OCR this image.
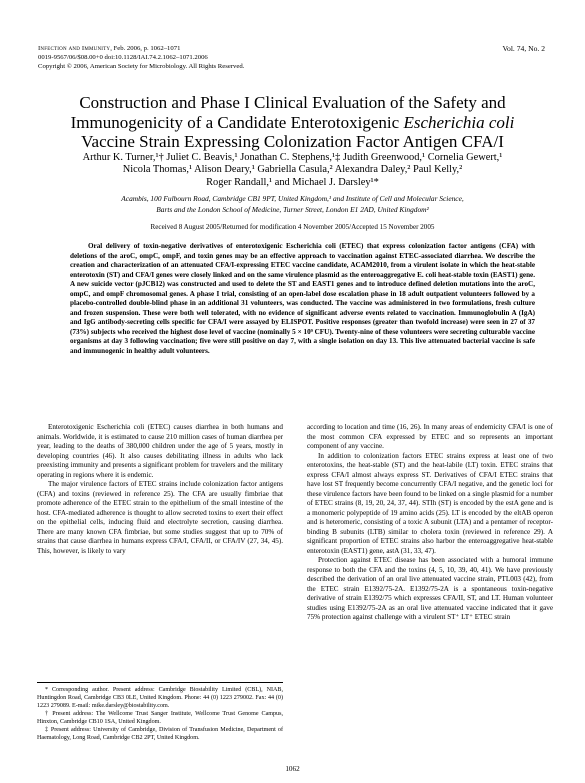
Infection and Immunity, Feb. 2006, p. 1062–1071
0019-9567/06/$08.00+0 doi:10.1128/IAI.74.2.1062–1071.2006
Copyright © 2006, American Society for Microbiology. All Rights Reserved.
Vol. 74, No. 2
Construction and Phase I Clinical Evaluation of the Safety and
Immunogenicity of a Candidate Enterotoxigenic Escherichia coli
Vaccine Strain Expressing Colonization Factor Antigen CFA/I
Arthur K. Turner,¹† Juliet C. Beavis,¹ Jonathan C. Stephens,¹‡ Judith Greenwood,¹ Cornelia Gewert,¹
Nicola Thomas,¹ Alison Deary,¹ Gabriella Casula,² Alexandra Daley,² Paul Kelly,²
Roger Randall,¹ and Michael J. Darsley¹*
Acambis, 100 Fulbourn Road, Cambridge CB1 9PT, United Kingdom,¹ and Institute of Cell and Molecular Science,
Barts and the London School of Medicine, Turner Street, London E1 2AD, United Kingdom²
Received 8 August 2005/Returned for modification 4 November 2005/Accepted 15 November 2005

Oral delivery of toxin-negative derivatives of enterotoxigenic Escherichia coli (ETEC) that express colonization factor antigens (CFA) with deletions of the aroC, ompC, ompF, and toxin genes may be an effective approach to vaccination against ETEC-associated diarrhea. We describe the creation and characterization of an attenuated CFA/I-expressing ETEC vaccine candidate, ACAM2010, from a virulent isolate in which the heat-stable enterotoxin (ST) and CFA/I genes were closely linked and on the same virulence plasmid as the enteroaggregative E. coli heat-stable toxin (EAST1) gene. A new suicide vector (pJCB12) was constructed and used to delete the ST and EAST1 genes and to introduce defined deletion mutations into the aroC, ompC, and ompF chromosomal genes. A phase I trial, consisting of an open-label dose escalation phase in 18 adult outpatient volunteers followed by a placebo-controlled double-blind phase in an additional 31 volunteers, was conducted. The vaccine was administered in two formulations, fresh culture and frozen suspension. These were both well tolerated, with no evidence of significant adverse events related to vaccination. Immunoglobulin A (IgA) and IgG antibody-secreting cells specific for CFA/I were assayed by ELISPOT. Positive responses (greater than twofold increase) were seen in 27 of 37 (73%) subjects who received the highest dose level of vaccine (nominally 5 × 10⁹ CFU). Twenty-nine of these volunteers were secreting culturable vaccine organisms at day 3 following vaccination; five were still positive on day 7, with a single isolation on day 13. This live attenuated bacterial vaccine is safe and immunogenic in healthy adult volunteers.

Enterotoxigenic Escherichia coli (ETEC) causes diarrhea in both humans and animals. Worldwide, it is estimated to cause 210 million cases of human diarrhea per year, leading to the deaths of 380,000 children under the age of 5 years, mostly in developing countries (46). It also causes debilitating illness in adults who lack preexisting immunity and presents a significant problem for travelers and the military operating in regions where it is endemic.

The major virulence factors of ETEC strains include colonization factor antigens (CFA) and toxins (reviewed in reference 25). The CFA are usually fimbriae that promote adherence of the ETEC strain to the epithelium of the small intestine of the host. CFA-mediated adherence is thought to allow secreted toxins to exert their effect on the epithelial cells, inducing fluid and electrolyte secretion, causing diarrhea. There are many known CFA fimbriae, but some studies suggest that up to 70% of strains that cause diarrhea in humans express CFA/I, CFA/II, or CFA/IV (27, 34, 45). This, however, is likely to vary

according to location and time (16, 26). In many areas of endemicity CFA/I is one of the most common CFA expressed by ETEC and so represents an important component of any vaccine.

In addition to colonization factors ETEC strains express at least one of two enterotoxins, the heat-stable (ST) and the heat-labile (LT) toxin. ETEC strains that express CFA/I almost always express ST. Derivatives of CFA/I ETEC strains that have lost ST frequently become concurrently CFA/I negative, and the genetic loci for these virulence factors have been found to be linked on a single plasmid for a number of ETEC strains (8, 19, 20, 24, 37, 44). STIh (ST) is encoded by the estA gene and is a monomeric polypeptide of 19 amino acids (25). LT is encoded by the eltAB operon and is heteromeric, consisting of a toxic A subunit (LTA) and a pentamer of receptor-binding B subunits (LTB) similar to cholera toxin (reviewed in reference 29). A significant proportion of ETEC strains also harbor the enteroaggregative heat-stable enterotoxin (EAST1) gene, astA (31, 33, 47).

Protection against ETEC disease has been associated with a humoral immune response to both the CFA and the toxins (4, 5, 10, 39, 40, 41). We have previously described the derivation of an oral live attenuated vaccine strain, PTL003 (42), from the ETEC strain E1392/75-2A. E1392/75-2A is a spontaneous toxin-negative derivative of strain E1392/75 which expresses CFA/II, ST, and LT. Human volunteer studies using E1392/75-2A as an oral live attenuated vaccine indicated that it gave 75% protection against challenge with a virulent ST⁺ LT⁺ ETEC strain

* Corresponding author. Present address: Cambridge Biostability Limited (CBL), NIAB, Huntingdon Road, Cambridge CB3 0LE, United Kingdom. Phone: 44 (0) 1223 279002. Fax: 44 (0) 1223 279089. E-mail: mike.darsley@biostability.com.

† Present address: The Wellcome Trust Sanger Institute, Wellcome Trust Genome Campus, Hinxton, Cambridge CB10 1SA, United Kingdom.

‡ Present address: University of Cambridge, Division of Transfusion Medicine, Department of Haematology, Long Road, Cambridge CB2 2PT, United Kingdom.

1062
